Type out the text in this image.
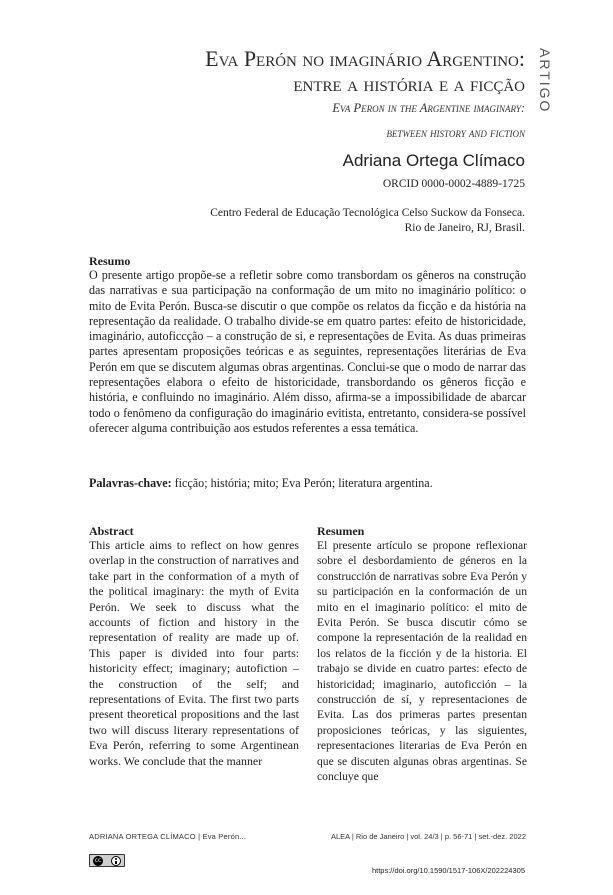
ARTIGO
Eva Perón no imaginário Argentino:
entre a história e a ficção
Eva Peron in the Argentine imaginary:
between history and fiction
Adriana Ortega Clímaco
ORCID 0000-0002-4889-1725
Centro Federal de Educação Tecnológica Celso Suckow da Fonseca.
Rio de Janeiro, RJ, Brasil.
Resumo
O presente artigo propõe-se a refletir sobre como transbordam os gêneros na construção das narrativas e sua participação na conformação de um mito no imaginário político: o mito de Evita Perón. Busca-se discutir o que compõe os relatos da ficção e da história na representação da realidade. O trabalho divide-se em quatro partes: efeito de historicidade, imaginário, autoficcção – a construção de si, e representações de Evita. As duas primeiras partes apresentam proposições teóricas e as seguintes, representações literárias de Eva Perón em que se discutem algumas obras argentinas. Conclui-se que o modo de narrar das representações elabora o efeito de historicidade, transbordando os gêneros ficção e história, e confluindo no imaginário. Além disso, afirma-se a impossibilidade de abarcar todo o fenômeno da configuração do imaginário evitista, entretanto, considera-se possível oferecer alguma contribuição aos estudos referentes a essa temática.
Palavras-chave: ficção; história; mito; Eva Perón; literatura argentina.
Abstract
This article aims to reflect on how genres overlap in the construction of narratives and take part in the conformation of a myth of the political imaginary: the myth of Evita Perón. We seek to discuss what the accounts of fiction and history in the representation of reality are made up of. This paper is divided into four parts: historicity effect; imaginary; autofiction – the construction of the self; and representations of Evita. The first two parts present theoretical propositions and the last two will discuss literary representations of Eva Perón, referring to some Argentinean works. We conclude that the manner
Resumen
El presente artículo se propone reflexionar sobre el desbordamiento de géneros en la construcción de narrativas sobre Eva Perón y su participación en la conformación de un mito en el imaginario político: el mito de Evita Perón. Se busca discutir cómo se compone la representación de la realidad en los relatos de la ficción y de la historia. El trabajo se divide en cuatro partes: efecto de historicidad; imaginario, autoficción – la construcción de sí, y representaciones de Evita. Las dos primeras partes presentan proposiciones teóricas, y las siguientes, representaciones literarias de Eva Perón en que se discuten algunas obras argentinas. Se concluye que
ADRIANA ORTEGA CLÍMACO | Eva Perón...	ALEA | Rio de Janeiro | vol. 24/3 | p. 56-71 | set.-dez. 2022
cc
https://doi.org/10.1590/1517-106X/202224305
